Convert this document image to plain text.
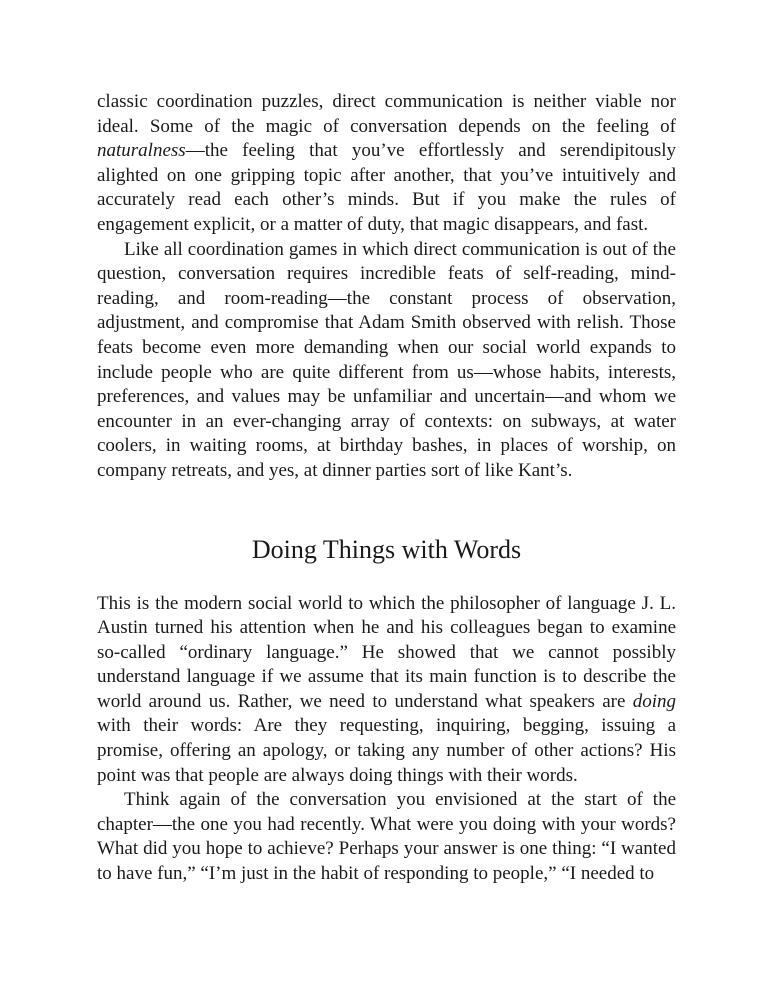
classic coordination puzzles, direct communication is neither viable nor ideal. Some of the magic of conversation depends on the feeling of naturalness—the feeling that you’ve effortlessly and serendipitously alighted on one gripping topic after another, that you’ve intuitively and accurately read each other’s minds. But if you make the rules of engagement explicit, or a matter of duty, that magic disappears, and fast.

Like all coordination games in which direct communication is out of the question, conversation requires incredible feats of self-reading, mind-reading, and room-reading—the constant process of observation, adjustment, and compromise that Adam Smith observed with relish. Those feats become even more demanding when our social world expands to include people who are quite different from us—whose habits, interests, preferences, and values may be unfamiliar and uncertain—and whom we encounter in an ever-changing array of contexts: on subways, at water coolers, in waiting rooms, at birthday bashes, in places of worship, on company retreats, and yes, at dinner parties sort of like Kant’s.

Doing Things with Words

This is the modern social world to which the philosopher of language J. L. Austin turned his attention when he and his colleagues began to examine so-called “ordinary language.” He showed that we cannot possibly understand language if we assume that its main function is to describe the world around us. Rather, we need to understand what speakers are doing with their words: Are they requesting, inquiring, begging, issuing a promise, offering an apology, or taking any number of other actions? His point was that people are always doing things with their words.

Think again of the conversation you envisioned at the start of the chapter—the one you had recently. What were you doing with your words? What did you hope to achieve? Perhaps your answer is one thing: “I wanted to have fun,” “I’m just in the habit of responding to people,” “I needed to
